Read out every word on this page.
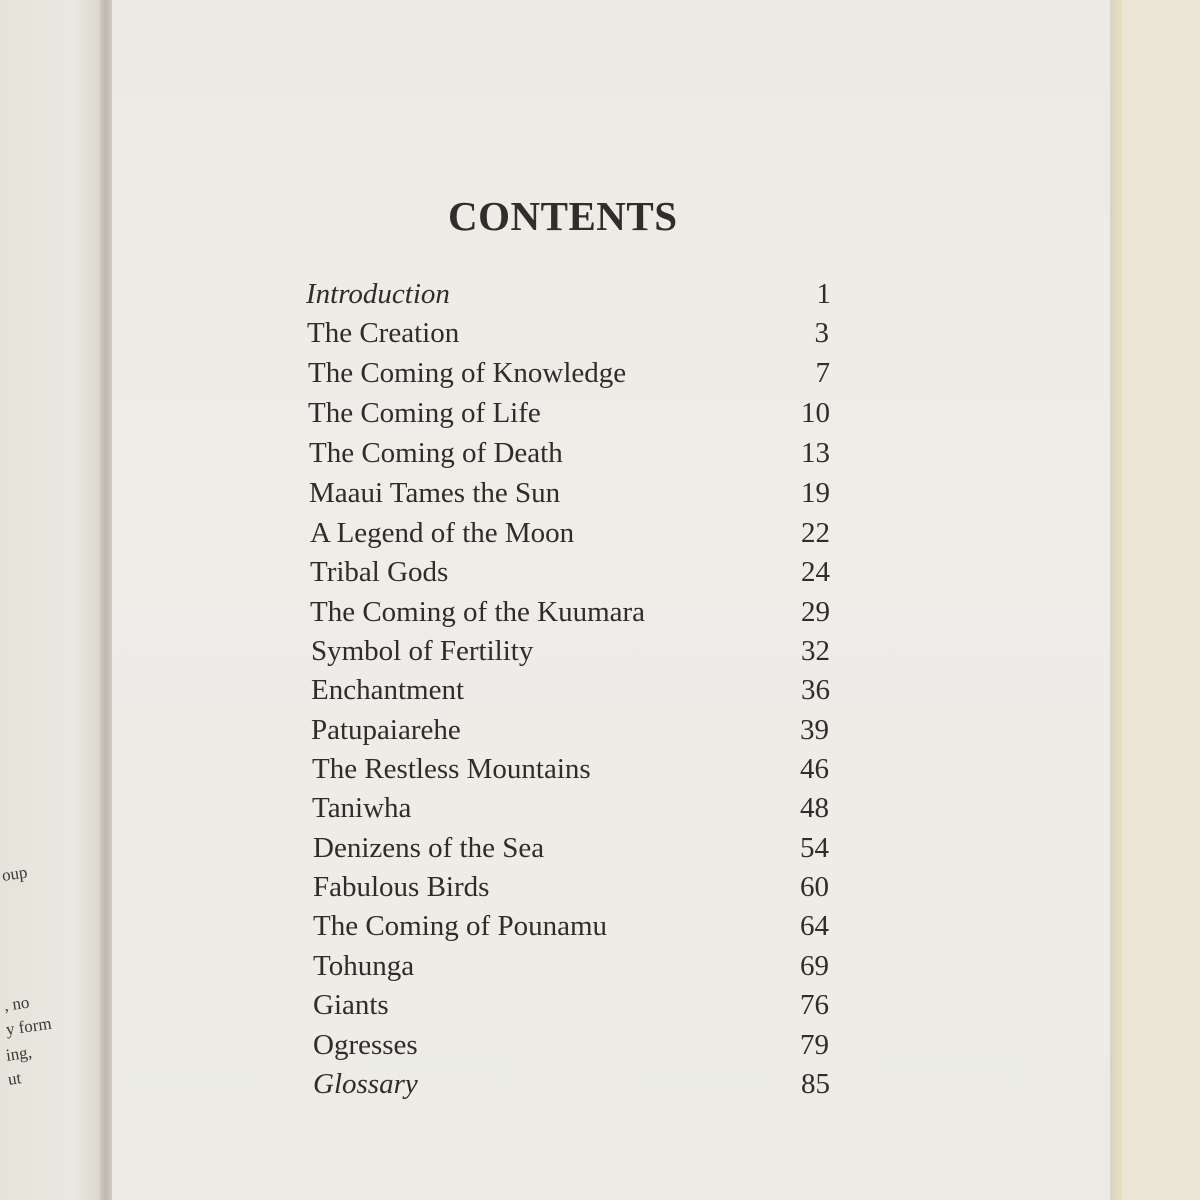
oup
, no
y form
ing,
ut
CONTENTS
Introduction	1
The Creation	3
The Coming of Knowledge	7
The Coming of Life	10
The Coming of Death	13
Maaui Tames the Sun	19
A Legend of the Moon	22
Tribal Gods	24
The Coming of the Kuumara	29
Symbol of Fertility	32
Enchantment	36
Patupaiarehe	39
The Restless Mountains	46
Taniwha	48
Denizens of the Sea	54
Fabulous Birds	60
The Coming of Pounamu	64
Tohunga	69
Giants	76
Ogresses	79
Glossary	85
